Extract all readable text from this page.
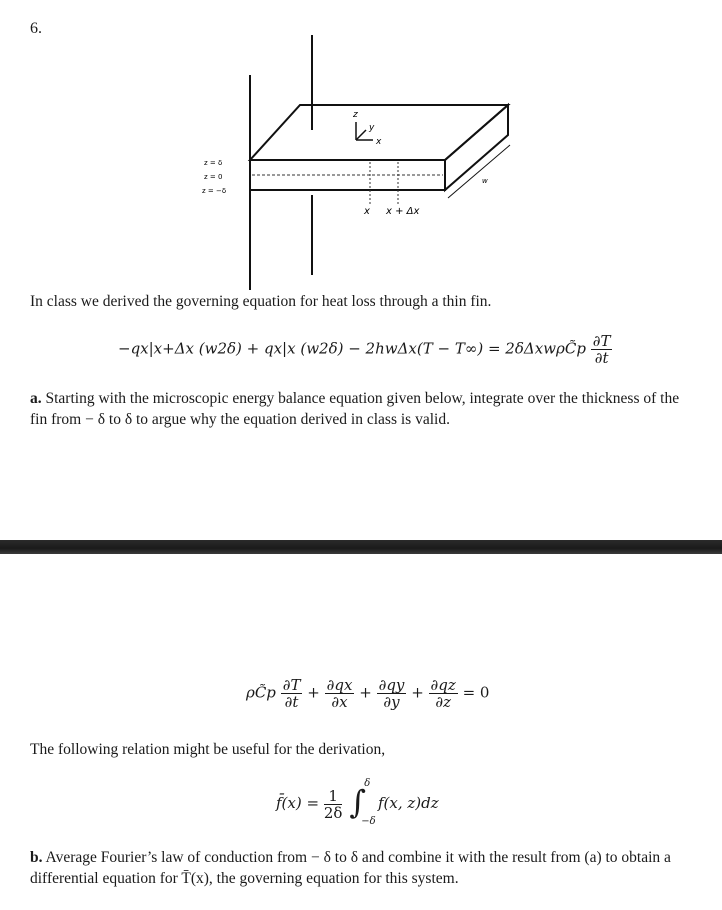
6.
z
y
x
z = δ
z = 0
z = −δ
x x + Δx
w
In class we derived the governing equation for heat loss through a thin fin.
−qx|x+Δx (w2δ) + qx|x (w2δ) − 2hwΔx(T − T∞) = 2δΔxwρC̃p $\frac{\partial T}{\partial t}$
a. Starting with the microscopic energy balance equation given below, integrate over the thickness of the fin from − δ to δ to argue why the equation derived in class is valid.
ρC̃p $\frac{\partial T}{\partial t} + \frac{\partial qx}{\partial x} + \frac{\partial qy}{\partial y} + \frac{\partial qz}{\partial z} = 0$
The following relation might be useful for the derivation,
f̄(x) = $\frac{1}{2\delta}$
∫
δ
−δ
f(x, z)dz
b. Average Fourier’s law of conduction from − δ to δ and combine it with the result from (a) to obtain a differential equation for T̄(x), the governing equation for this system.
